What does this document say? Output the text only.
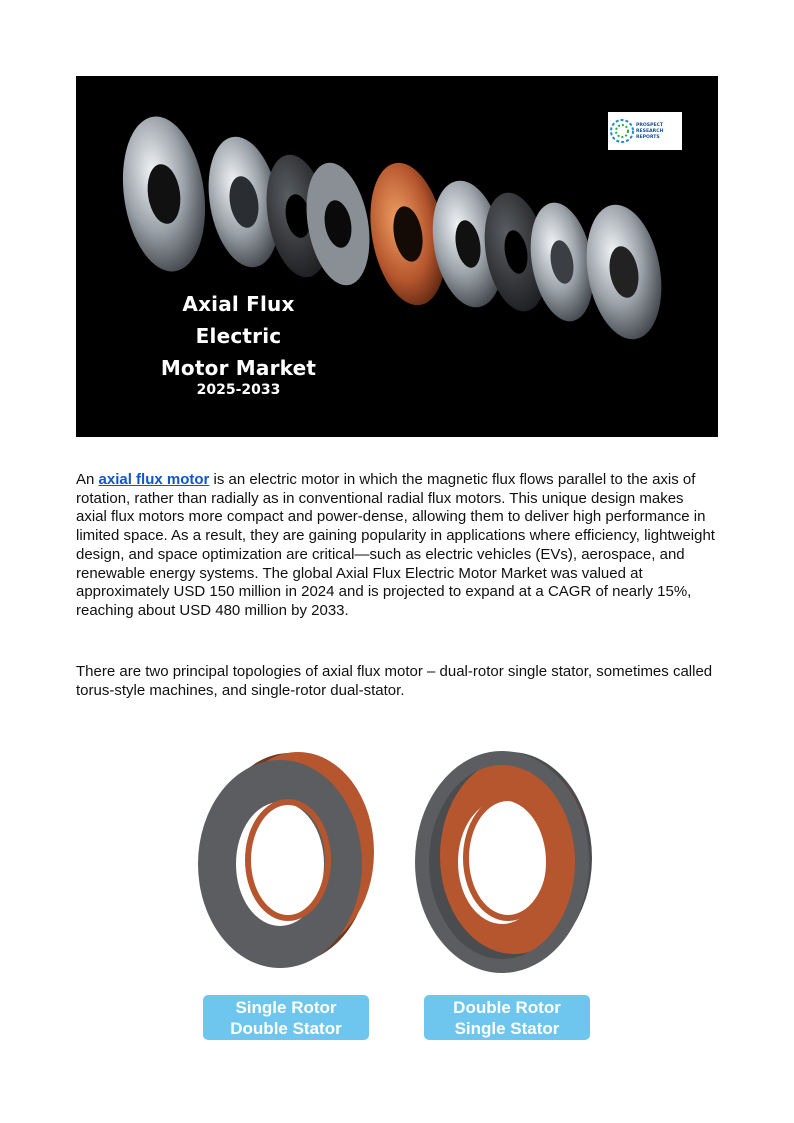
PROSPECT
RESEARCH REPORTS
Axial Flux Electric
Motor Market
2025-2033

An axial flux motor is an electric motor in which the magnetic flux flows parallel to the axis of rotation, rather than radially as in conventional radial flux motors. This unique design makes axial flux motors more compact and power-dense, allowing them to deliver high performance in limited space. As a result, they are gaining popularity in applications where efficiency, lightweight design, and space optimization are critical—such as electric vehicles (EVs), aerospace, and renewable energy systems. The global Axial Flux Electric Motor Market was valued at approximately USD 150 million in 2024 and is projected to expand at a CAGR of nearly 15%, reaching about USD 480 million by 2033.

There are two principal topologies of axial flux motor – dual-rotor single stator, sometimes called torus-style machines, and single-rotor dual-stator.

Single Rotor
Double Stator
Double Rotor
Single Stator
